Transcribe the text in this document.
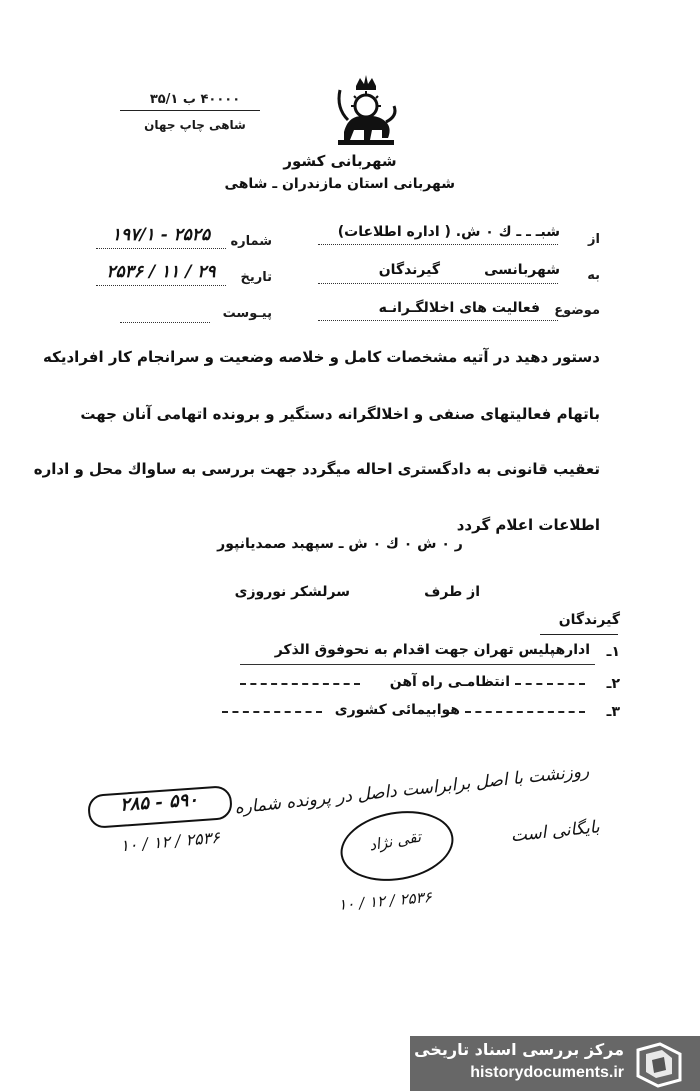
۴۰۰۰۰ ب ۳۵/۱
شاهی چاپ جهان
شهربانی کشور
شهربانی استان مازندران ـ شاهی
از
شبـ ـ ـ ك ۰ ش. ( اداره اطلاعات)
به
شهربانسی
گیرندگان
موضوع
فعالیت های اخلالگـرانـه
شماره
۱۹۷/۱ - ۲۵۲۵
تاریخ
۲۵۳۶ / ۱۱ / ۲۹
پیـوست
دستور دهید در آتیه مشخصات کامل و خلاصه وضعیت و سرانجام کار افرادیکه
باتهام فعالیتهای صنفی و اخلالگرانه دستگیر و برونده اتهامی آنان جهت
تعقیب قانونی به دادگستری احاله میگردد جهت بررسی به ساواك محل و اداره
اطلاعات اعلام گردد
ر ۰ ش ۰ ك ۰ ش ـ سپهبد صمدیانپور
از طرف
سرلشکر نوروزی
گیرندگان
۱ـ
ادارهپلیس تهران جهت اقدام به نحوفوق الذکر
۲ـ
انتظامـی راه آهن
۳ـ
هوابیمائی کشوری
روزنشت با اصل برابراست داصل در پرونده شماره
۲۸۵ - ۵۹۰
۱۰ / ۱۲ / ۲۵۳۶	بایگانی است
تقی نژاد
۱۰ / ۱۲ / ۲۵۳۶
مرکز بررسی اسناد تاریخی
historydocuments.ir
